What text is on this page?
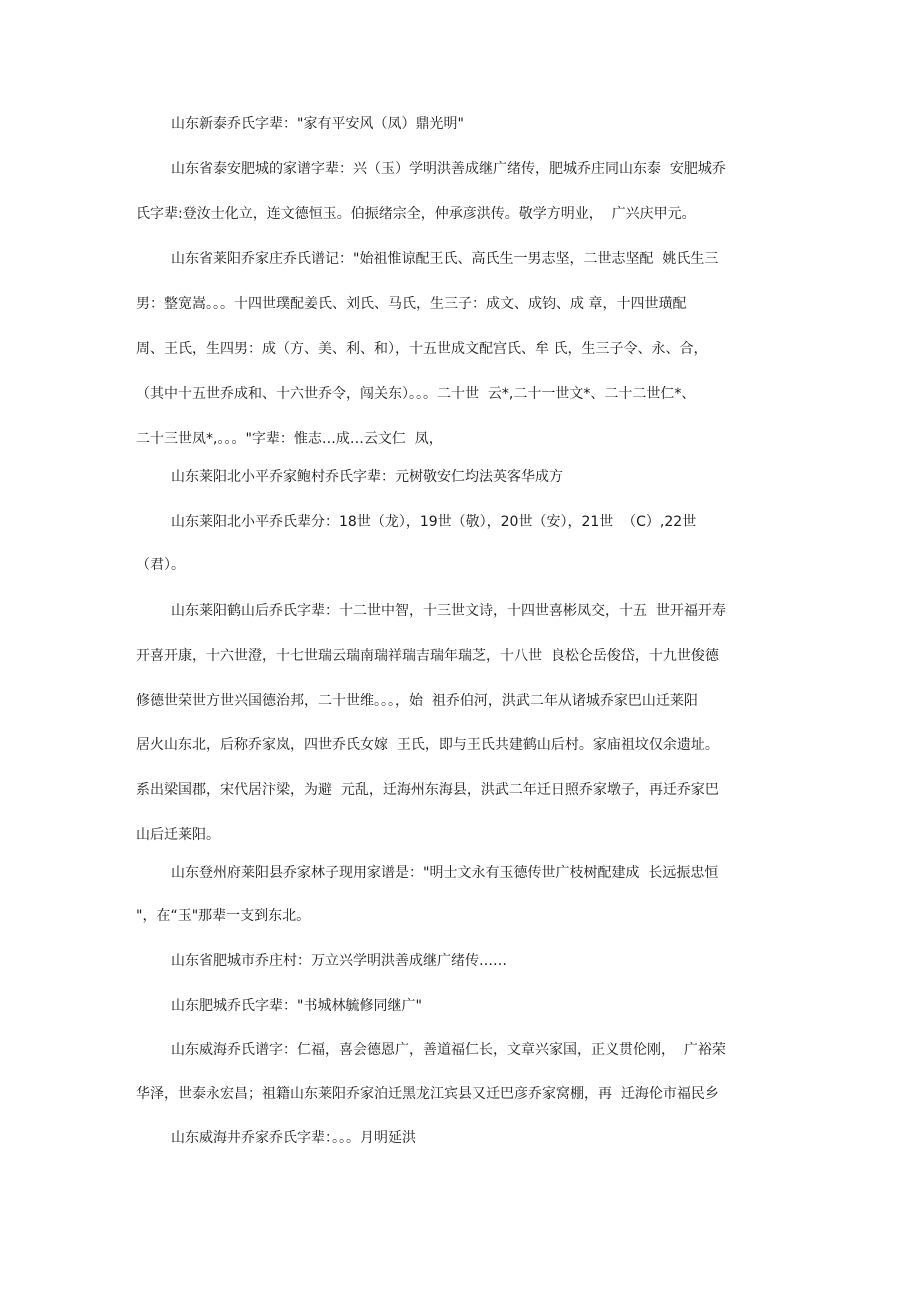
山东新泰乔氏字辈："家有平安风（凤）鼎光明"
山东省泰安肥城的家谱字辈：兴（玉）学明洪善成继广绪传，肥城乔庄同山东泰  安肥城乔
氏字辈:登汝士化立，连文德恒玉。伯振绪宗全，仲承彦洪传。敬学方明业，  广兴庆甲元。
山东省莱阳乔家庄乔氏谱记："始祖惟谅配王氏、高氏生一男志坚，二世志坚配  姚氏生三
男：整宽嵩。。。十四世璞配姜氏、刘氏、马氏，生三子：成文、成钧、成 章，十四世璜配
周、王氏，生四男：成（方、美、利、和），十五世成文配宫氏、牟 氏，生三子令、永、合，
（其中十五世乔成和、十六世乔令，闯关东）。。。二十世  云*,二十一世文*、二十二世仁*、
二十三世凤*,。。。"字辈：惟志…成…云文仁  凤，
山东莱阳北小平乔家鲍村乔氏字辈：元树敬安仁均法英客华成方
山东莱阳北小平乔氏辈分：18世（龙），19世（敬），20世（安），21世  （C）,22世
（君）。
山东莱阳鹤山后乔氏字辈：十二世中智，十三世文诗，十四世喜彬凤交，十五  世开福开寿
开喜开康，十六世澄，十七世瑞云瑞南瑞祥瑞吉瑞年瑞芝，十八世  良松仑岳俊岱，十九世俊德
修德世荣世方世兴国德治邦，二十世维。。。，始  祖乔伯河，洪武二年从诸城乔家巴山迁莱阳
居火山东北，后称乔家岚，四世乔氏女嫁  王氏，即与王氏共建鹤山后村。家庙祖坟仅余遗址。
系出梁国郡，宋代居汴梁，为避  元乱，迁海州东海县，洪武二年迁日照乔家墩子，再迁乔家巴
山后迁莱阳。
山东登州府莱阳县乔家林子现用家谱是："明士文永有玉德传世广枝树配建成  长远振忠恒
"，在“玉"那辈一支到东北。
山东省肥城市乔庄村：万立兴学明洪善成继广绪传……
山东肥城乔氏字辈："书城林毓修同继广"
山东威海乔氏谱字：仁福，喜会德恩广，善道福仁长，文章兴家国，正义贯伦刚，  广裕荣
华泽，世泰永宏昌；祖籍山东莱阳乔家泊迁黑龙江宾县又迁巴彦乔家窝棚，再  迁海伦市福民乡
山东威海井乔家乔氏字辈：。。。月明延洪
